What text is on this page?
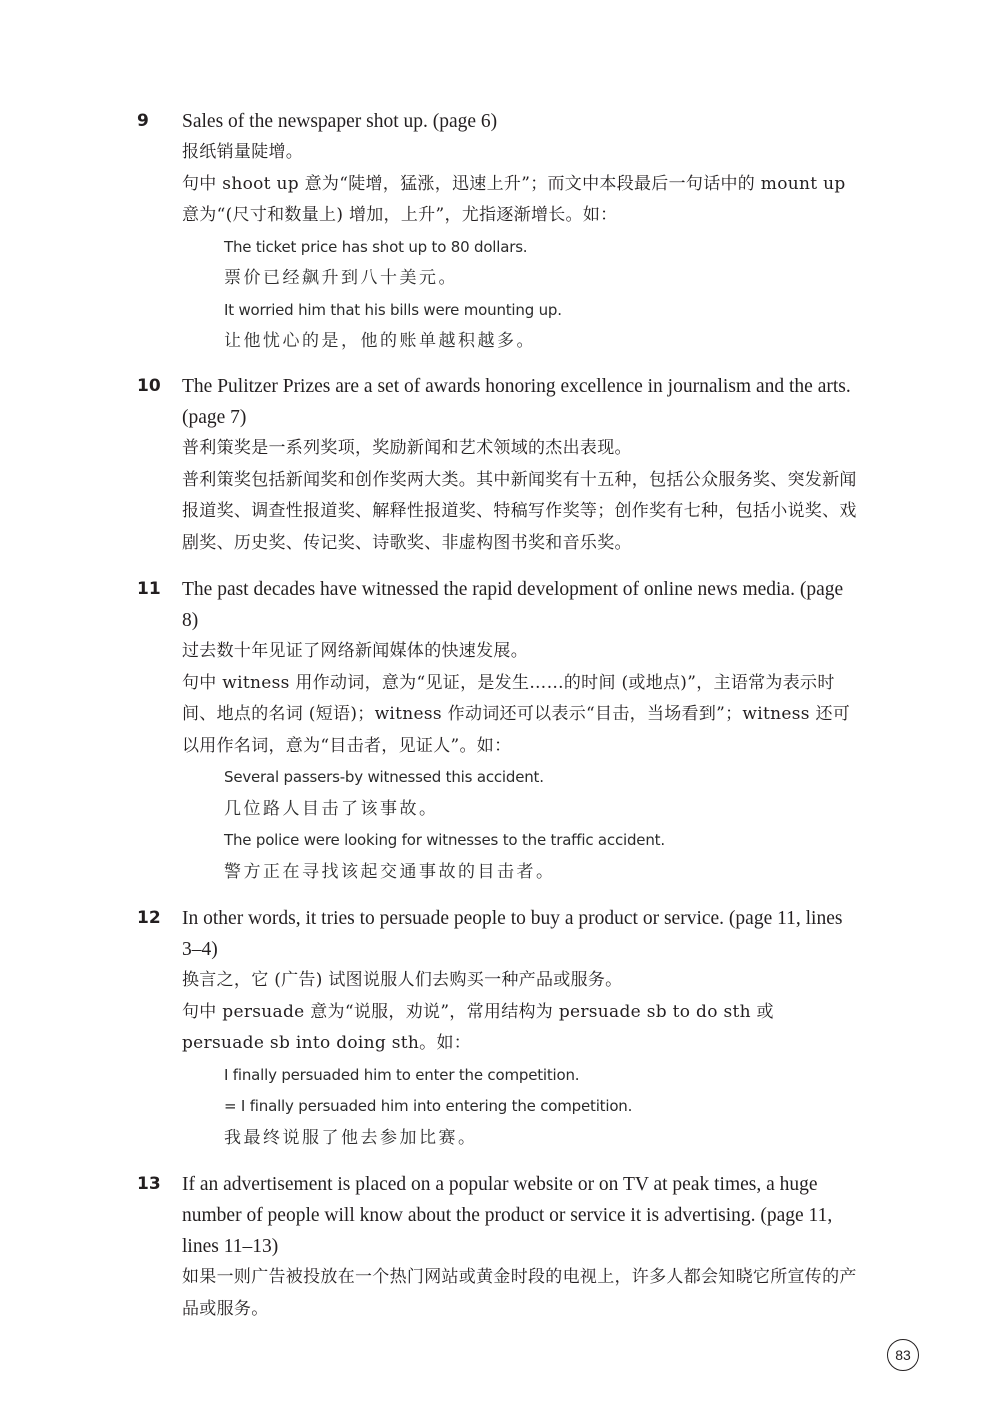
9 Sales of the newspaper shot up. (page 6)
报纸销量陡增。
句中 shoot up 意为“陡增，猛涨，迅速上升”；而文中本段最后一句话中的 mount up 意为“(尺寸和数量上) 增加，上升”，尤指逐渐增长。如：
The ticket price has shot up to 80 dollars.
票价已经飙升到八十美元。
It worried him that his bills were mounting up.
让他忧心的是，他的账单越积越多。
10 The Pulitzer Prizes are a set of awards honoring excellence in journalism and the arts. (page 7)
普利策奖是一系列奖项，奖励新闻和艺术领域的杰出表现。
普利策奖包括新闻奖和创作奖两大类。其中新闻奖有十五种，包括公众服务奖、突发新闻报道奖、调查性报道奖、解释性报道奖、特稿写作奖等；创作奖有七种，包括小说奖、戏剧奖、历史奖、传记奖、诗歌奖、非虚构图书奖和音乐奖。
11 The past decades have witnessed the rapid development of online news media. (page 8)
过去数十年见证了网络新闻媒体的快速发展。
句中 witness 用作动词，意为“见证，是发生……的时间 (或地点)”，主语常为表示时间、地点的名词 (短语)；witness 作动词还可以表示“目击，当场看到”；witness 还可以用作名词，意为“目击者，见证人”。如：
Several passers-by witnessed this accident.
几位路人目击了该事故。
The police were looking for witnesses to the traffic accident.
警方正在寻找该起交通事故的目击者。
12 In other words, it tries to persuade people to buy a product or service. (page 11, lines 3–4)
换言之，它 (广告) 试图说服人们去购买一种产品或服务。
句中 persuade 意为“说服，劝说”，常用结构为 persuade sb to do sth 或 persuade sb into doing sth。如：
I finally persuaded him to enter the competition.
= I finally persuaded him into entering the competition.
我最终说服了他去参加比赛。
13 If an advertisement is placed on a popular website or on TV at peak times, a huge number of people will know about the product or service it is advertising. (page 11, lines 11–13)
如果一则广告被投放在一个热门网站或黄金时段的电视上，许多人都会知晓它所宣传的产品或服务。
83
